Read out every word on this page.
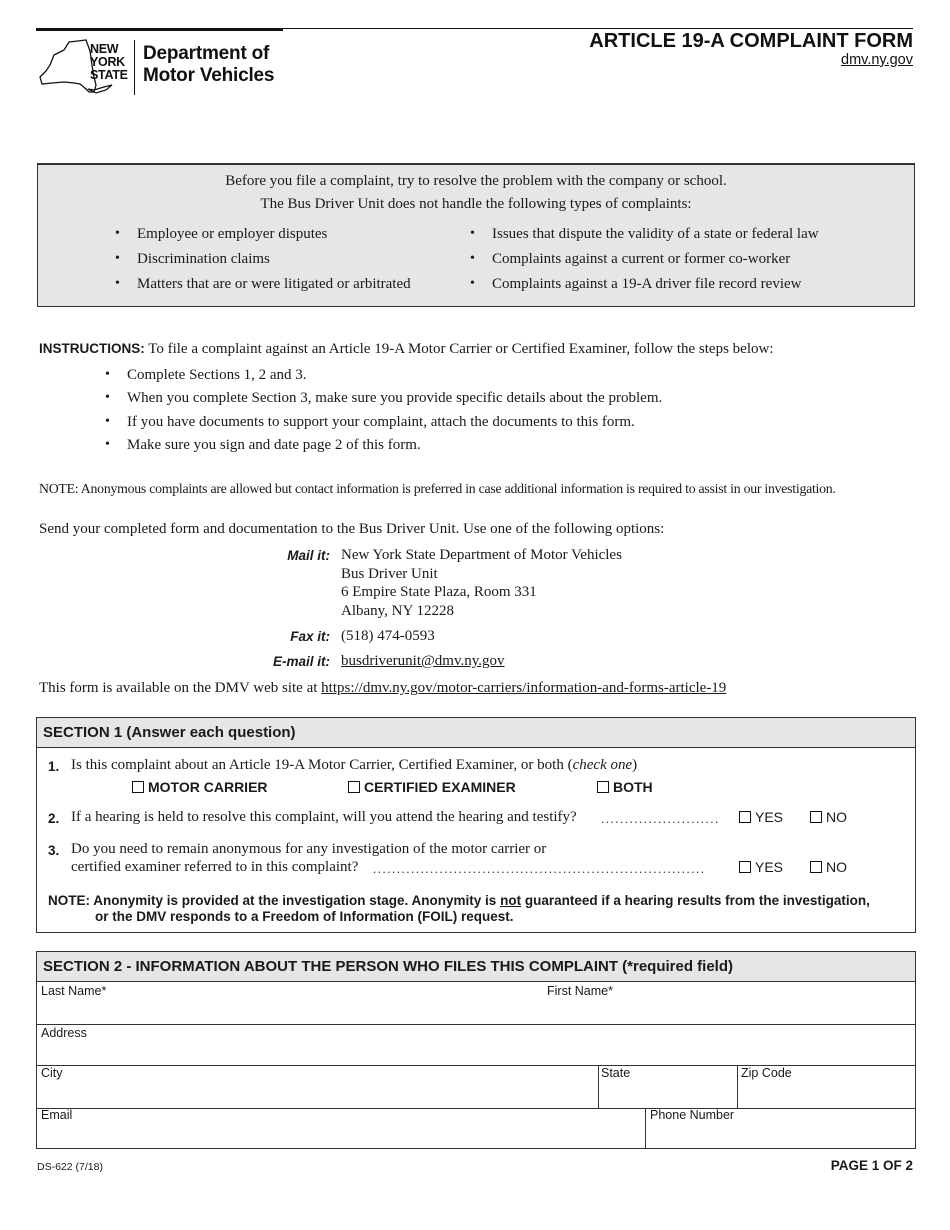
NEW
YORK
STATE
Department of
Motor Vehicles
ARTICLE 19-A COMPLAINT FORM
dmv.ny.gov
Before you file a complaint, try to resolve the problem with the company or school.
The Bus Driver Unit does not handle the following types of complaints:
• Employee or employer disputes
• Discrimination claims
• Matters that are or were litigated or arbitrated
• Issues that dispute the validity of a state or federal law
• Complaints against a current or former co-worker
• Complaints against a 19-A driver file record review
INSTRUCTIONS: To file a complaint against an Article 19-A Motor Carrier or Certified Examiner, follow the steps below:
• Complete Sections 1, 2 and 3.
• When you complete Section 3, make sure you provide specific details about the problem.
• If you have documents to support your complaint, attach the documents to this form.
• Make sure you sign and date page 2 of this form.
NOTE: Anonymous complaints are allowed but contact information is preferred in case additional information is required to assist in our investigation.
Send your completed form and documentation to the Bus Driver Unit. Use one of the following options:
Mail it: New York State Department of Motor Vehicles
Bus Driver Unit
6 Empire State Plaza, Room 331
Albany, NY 12228
Fax it: (518) 474-0593
E-mail it: busdriverunit@dmv.ny.gov
This form is available on the DMV web site at https://dmv.ny.gov/motor-carriers/information-and-forms-article-19
SECTION 1 (Answer each question)
1. Is this complaint about an Article 19-A Motor Carrier, Certified Examiner, or both (check one)
MOTOR CARRIER	CERTIFIED EXAMINER	BOTH
2. If a hearing is held to resolve this complaint, will you attend the hearing and testify? .........................	YES	NO
3. Do you need to remain anonymous for any investigation of the motor carrier or
certified examiner referred to in this complaint? ......................................................................	YES	NO
NOTE: Anonymity is provided at the investigation stage. Anonymity is not guaranteed if a hearing results from the investigation,
or the DMV responds to a Freedom of Information (FOIL) request.
SECTION 2 - INFORMATION ABOUT THE PERSON WHO FILES THIS COMPLAINT (*required field)
Last Name*	First Name*
Address
City	State	Zip Code
Email	Phone Number
DS-622 (7/18)	PAGE 1 OF 2
